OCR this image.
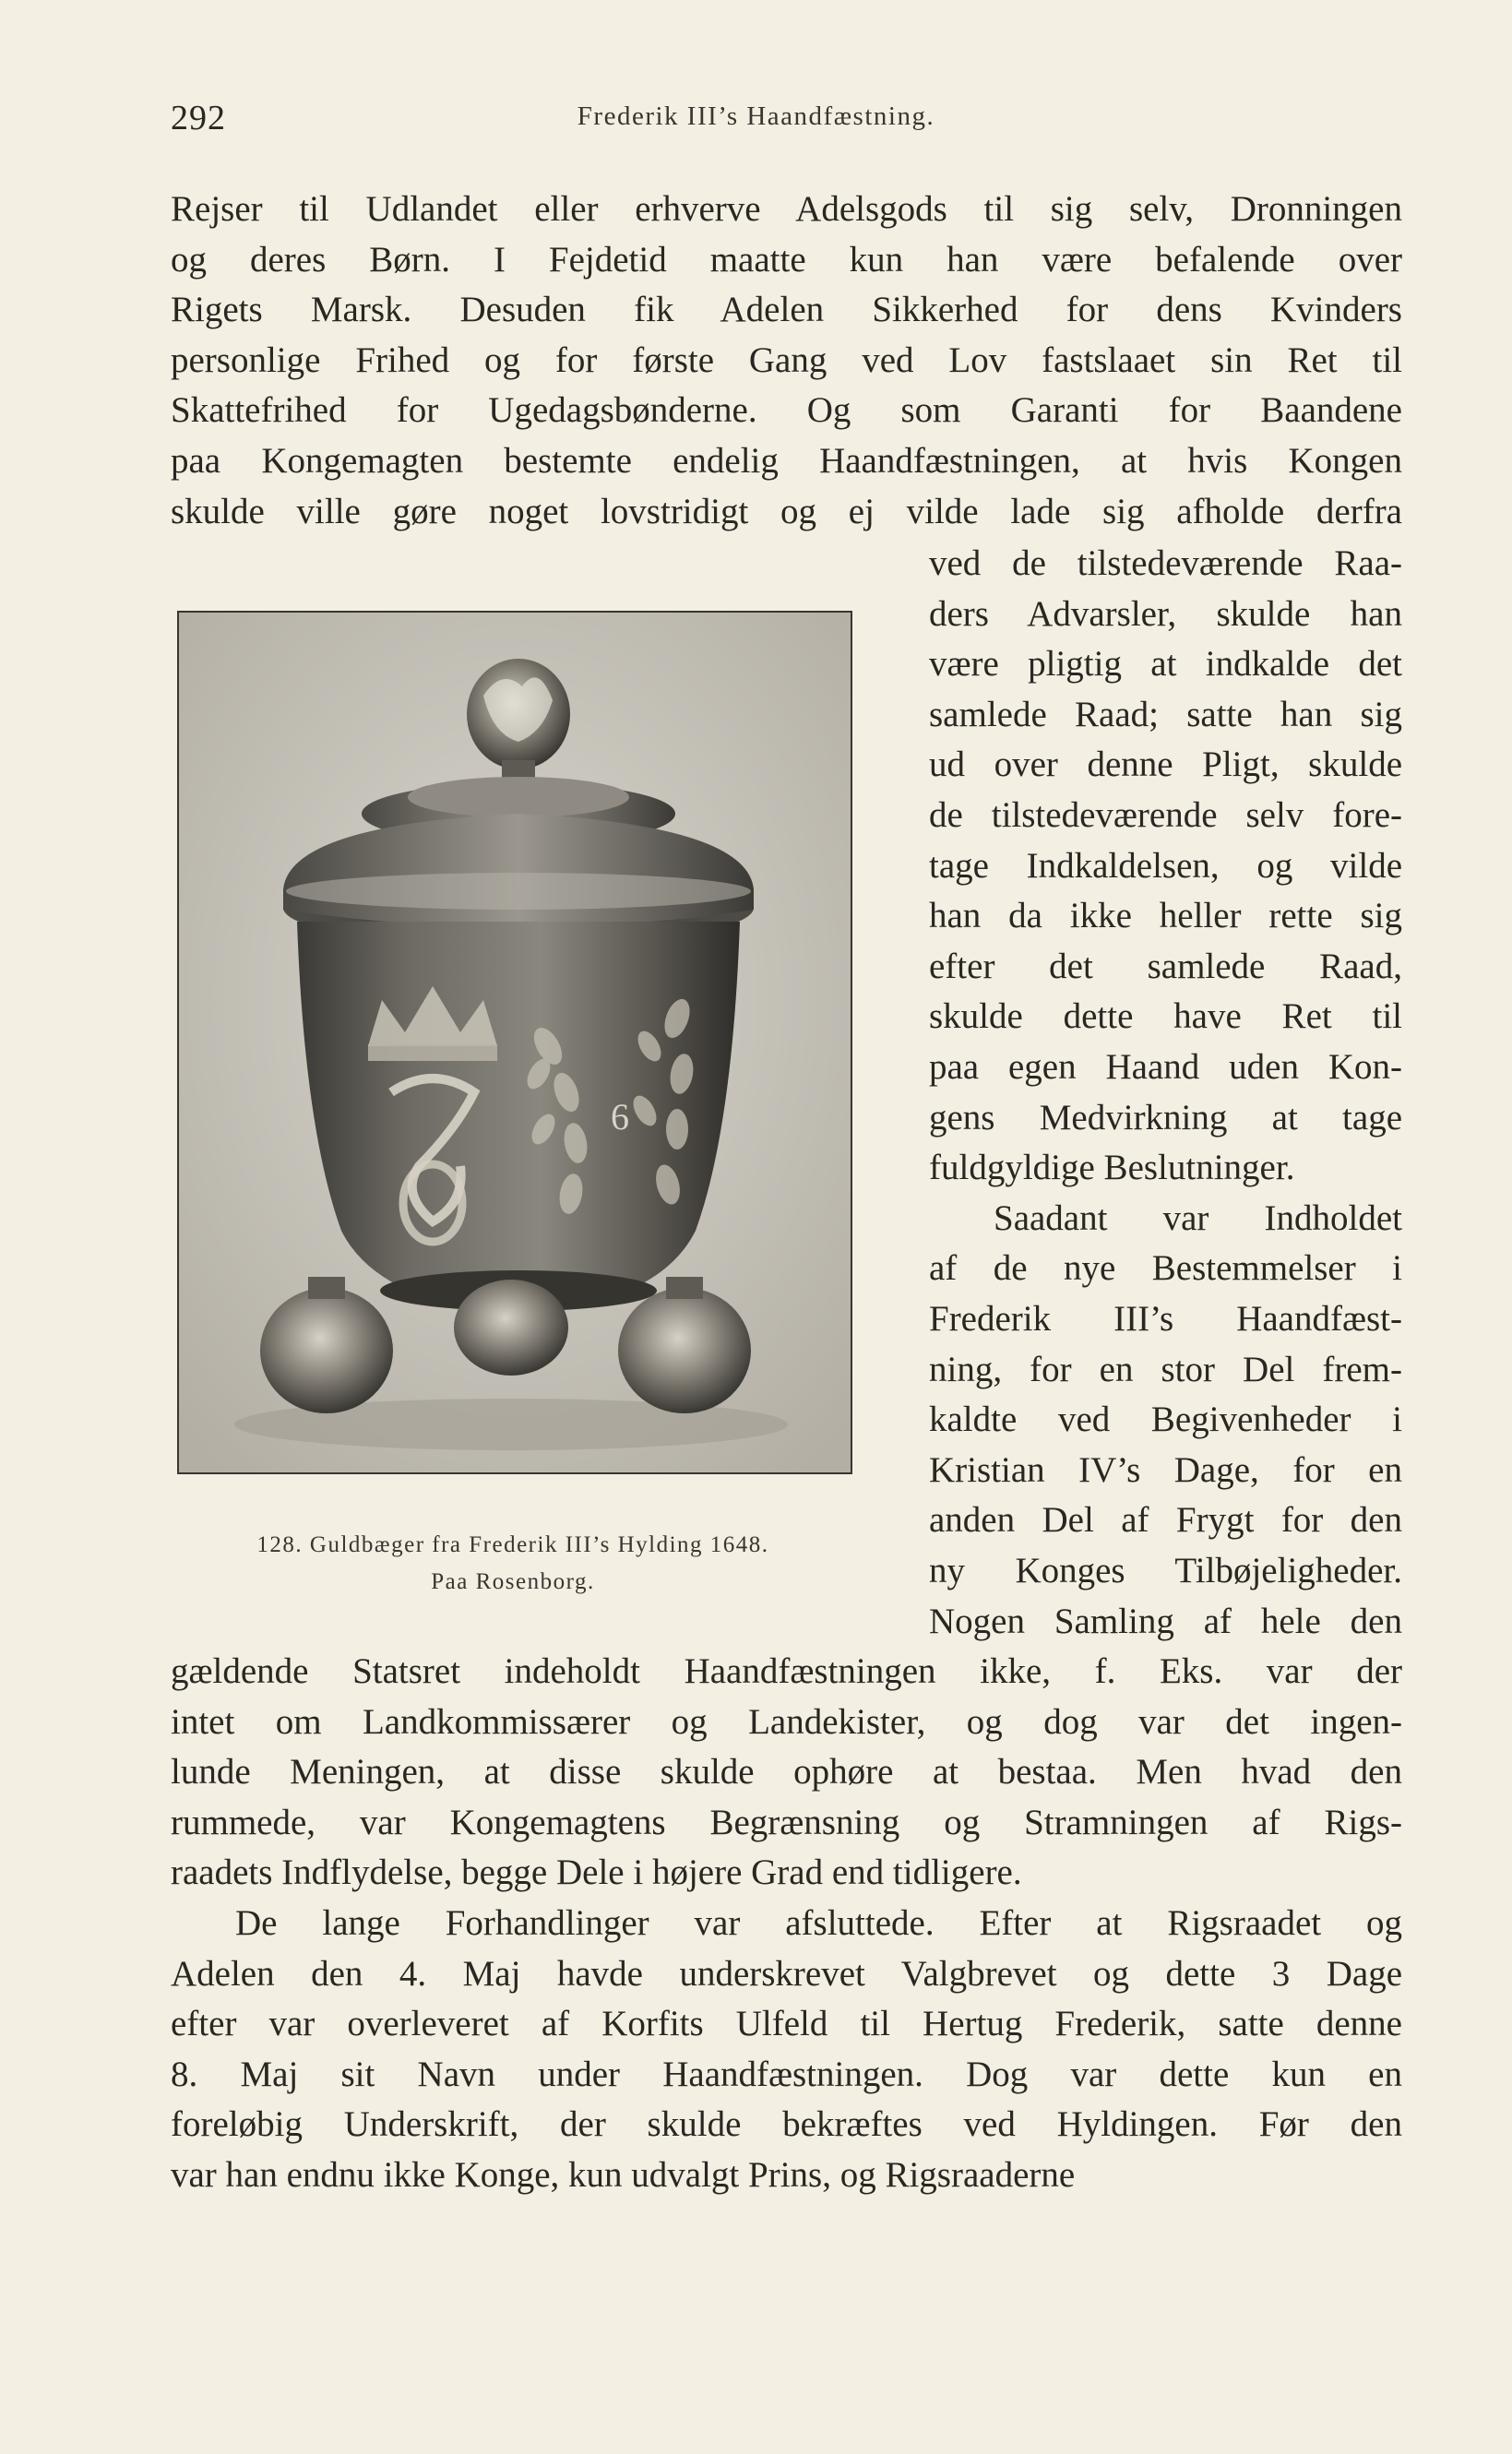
292	Frederik III’s Haandfæstning.
Rejser til Udlandet eller erhverve Adelsgods til sig selv, Dronningen
og deres Børn. I Fejdetid maatte kun han være befalende over
Rigets Marsk. Desuden fik Adelen Sikkerhed for dens Kvinders
personlige Frihed og for første Gang ved Lov fastslaaet sin Ret til
Skattefrihed for Ugedagsbønderne. Og som Garanti for Baandene
paa Kongemagten bestemte endelig Haandfæstningen, at hvis Kongen
skulde ville gøre noget lovstridigt og ej vilde lade sig afholde derfra
ved de tilstedeværende Raa-
ders Advarsler, skulde han
være pligtig at indkalde det
samlede Raad; satte han sig
ud over denne Pligt, skulde
de tilstedeværende selv fore-
tage Indkaldelsen, og vilde
han da ikke heller rette sig
efter det samlede Raad,
skulde dette have Ret til
paa egen Haand uden Kon-
gens Medvirkning at tage
fuldgyldige Beslutninger.
Saadant var Indholdet
af de nye Bestemmelser i
Frederik III’s Haandfæst-
ning, for en stor Del frem-
kaldte ved Begivenheder i
Kristian IV’s Dage, for en
anden Del af Frygt for den
ny Konges Tilbøjeligheder.
Nogen Samling af hele den
gældende Statsret indeholdt Haandfæstningen ikke, f. Eks. var der
intet om Landkommissærer og Landekister, og dog var det ingen-
lunde Meningen, at disse skulde ophøre at bestaa. Men hvad den
rummede, var Kongemagtens Begrænsning og Stramningen af Rigs-
raadets Indflydelse, begge Dele i højere Grad end tidligere.
De lange Forhandlinger var afsluttede. Efter at Rigsraadet og
Adelen den 4. Maj havde underskrevet Valgbrevet og dette 3 Dage
efter var overleveret af Korfits Ulfeld til Hertug Frederik, satte denne
8. Maj sit Navn under Haandfæstningen. Dog var dette kun en
foreløbig Underskrift, der skulde bekræftes ved Hyldingen. Før den
var han endnu ikke Konge, kun udvalgt Prins, og Rigsraaderne
6
128. Guldbæger fra Frederik III’s Hylding 1648.
Paa Rosenborg.
